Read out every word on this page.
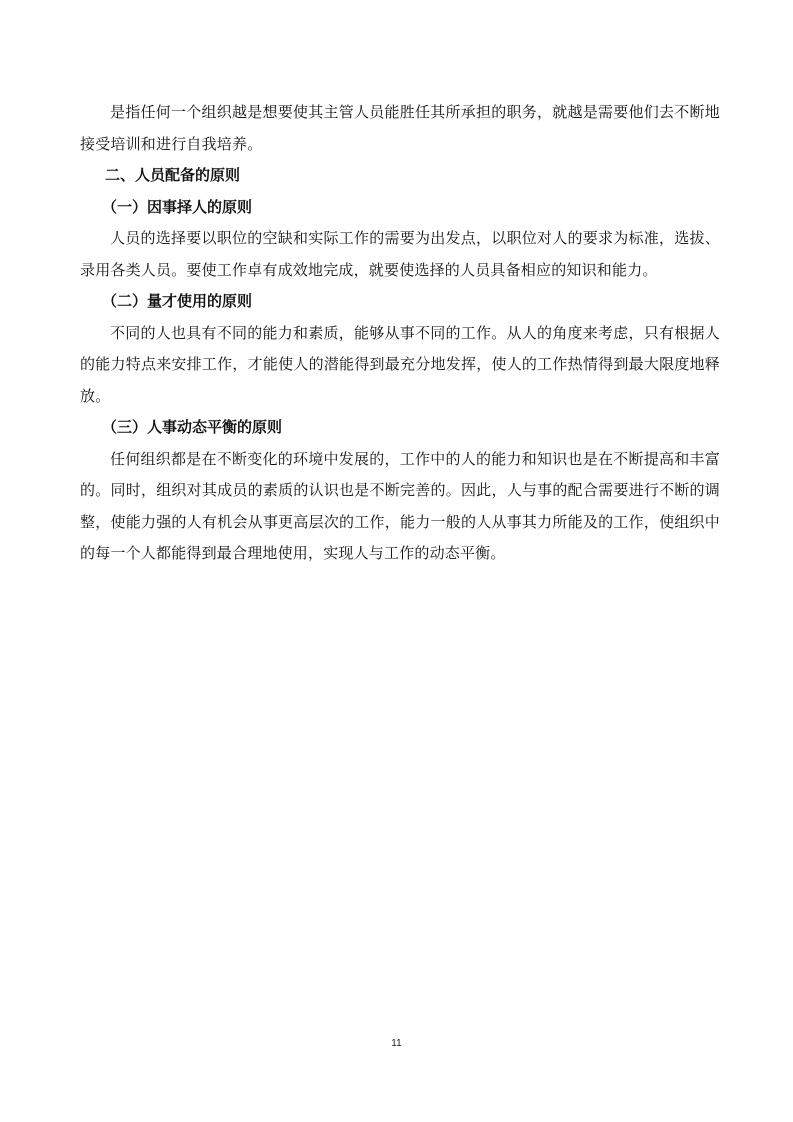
是指任何一个组织越是想要使其主管人员能胜任其所承担的职务，就越是需要他们去不断地接受培训和进行自我培养。

二、人员配备的原则

（一）因事择人的原则

人员的选择要以职位的空缺和实际工作的需要为出发点，以职位对人的要求为标准，选拔、录用各类人员。要使工作卓有成效地完成，就要使选择的人员具备相应的知识和能力。

（二）量才使用的原则

不同的人也具有不同的能力和素质，能够从事不同的工作。从人的角度来考虑，只有根据人的能力特点来安排工作，才能使人的潜能得到最充分地发挥，使人的工作热情得到最大限度地释放。

（三）人事动态平衡的原则

任何组织都是在不断变化的环境中发展的，工作中的人的能力和知识也是在不断提高和丰富的。同时，组织对其成员的素质的认识也是不断完善的。因此，人与事的配合需要进行不断的调整，使能力强的人有机会从事更高层次的工作，能力一般的人从事其力所能及的工作，使组织中的每一个人都能得到最合理地使用，实现人与工作的动态平衡。

11
